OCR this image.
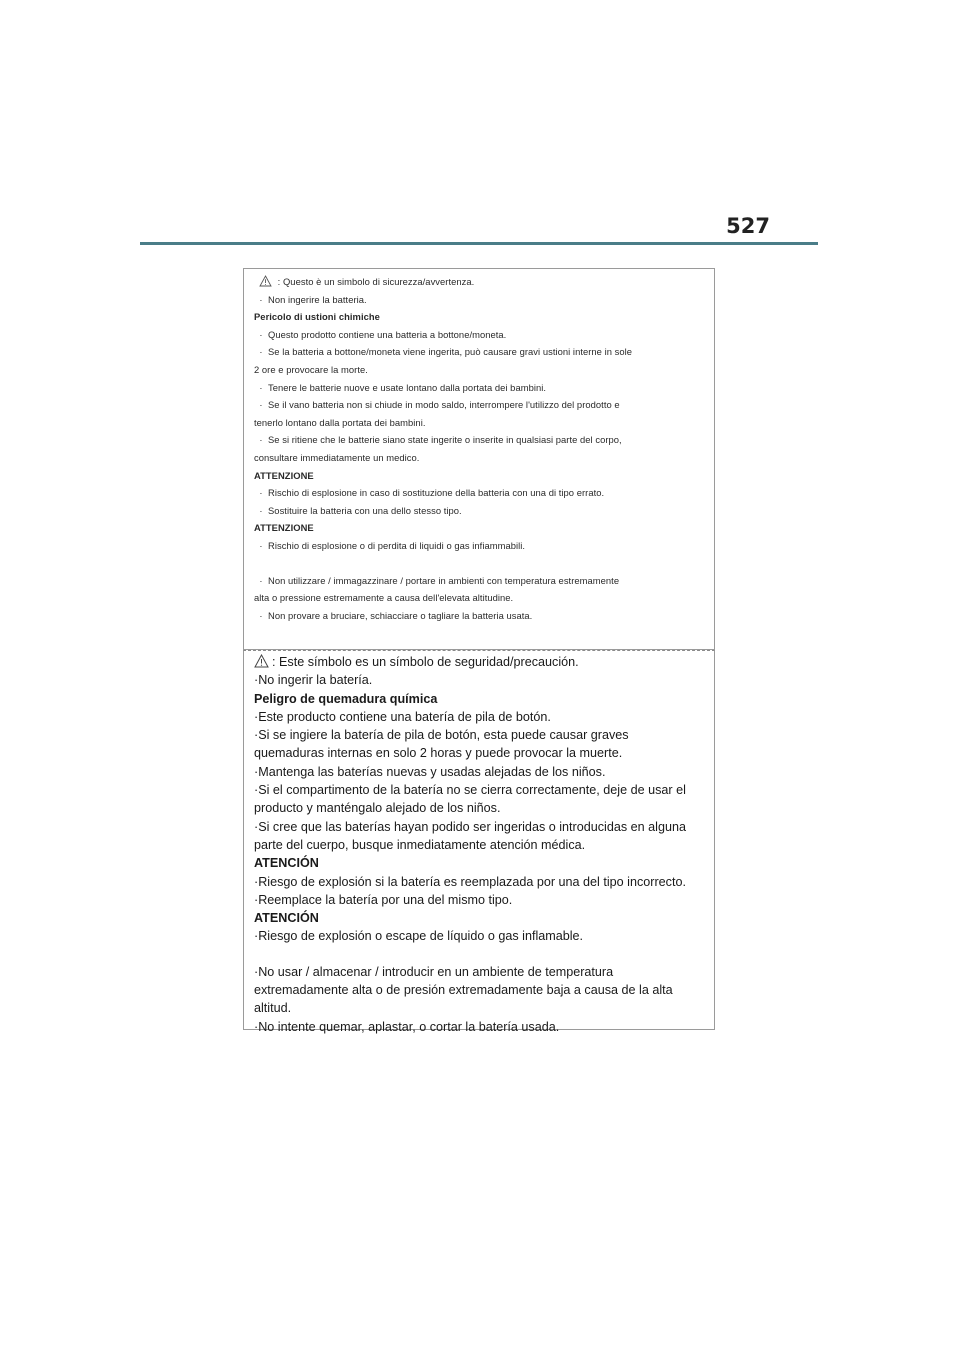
527

: Questo è un simbolo di sicurezza/avvertenza.

· Non ingerire la batteria.

Pericolo di ustioni chimiche

· Questo prodotto contiene una batteria a bottone/moneta.

· Se la batteria a bottone/moneta viene ingerita, può causare gravi ustioni interne in sole

2 ore e provocare la morte.

· Tenere le batterie nuove e usate lontano dalla portata dei bambini.

· Se il vano batteria non si chiude in modo saldo, interrompere l'utilizzo del prodotto e

tenerlo lontano dalla portata dei bambini.

· Se si ritiene che le batterie siano state ingerite o inserite in qualsiasi parte del corpo,

consultare immediatamente un medico.

ATTENZIONE

· Rischio di esplosione in caso di sostituzione della batteria con una di tipo errato.

· Sostituire la batteria con una dello stesso tipo.

ATTENZIONE

· Rischio di esplosione o di perdita di liquidi o gas infiammabili.

· Non utilizzare / immagazzinare / portare in ambienti con temperatura estremamente

alta o pressione estremamente a causa dell'elevata altitudine.

· Non provare a bruciare, schiacciare o tagliare la batteria usata.

: Este símbolo es un símbolo de seguridad/precaución.

·No ingerir la batería.

Peligro de quemadura química

·Este producto contiene una batería de pila de botón.

·Si se ingiere la batería de pila de botón, esta puede causar graves

quemaduras internas en solo 2 horas y puede provocar la muerte.

·Mantenga las baterías nuevas y usadas alejadas de los niños.

·Si el compartimento de la batería no se cierra correctamente, deje de usar el

producto y manténgalo alejado de los niños.

·Si cree que las baterías hayan podido ser ingeridas o introducidas en alguna

parte del cuerpo, busque inmediatamente atención médica.

ATENCIÓN

·Riesgo de explosión si la batería es reemplazada por una del tipo incorrecto.

·Reemplace la batería por una del mismo tipo.

ATENCIÓN

·Riesgo de explosión o escape de líquido o gas inflamable.

·No usar / almacenar / introducir en un ambiente de temperatura

extremadamente alta o de presión extremadamente baja a causa de la alta

altitud.

·No intente quemar, aplastar, o cortar la batería usada.
